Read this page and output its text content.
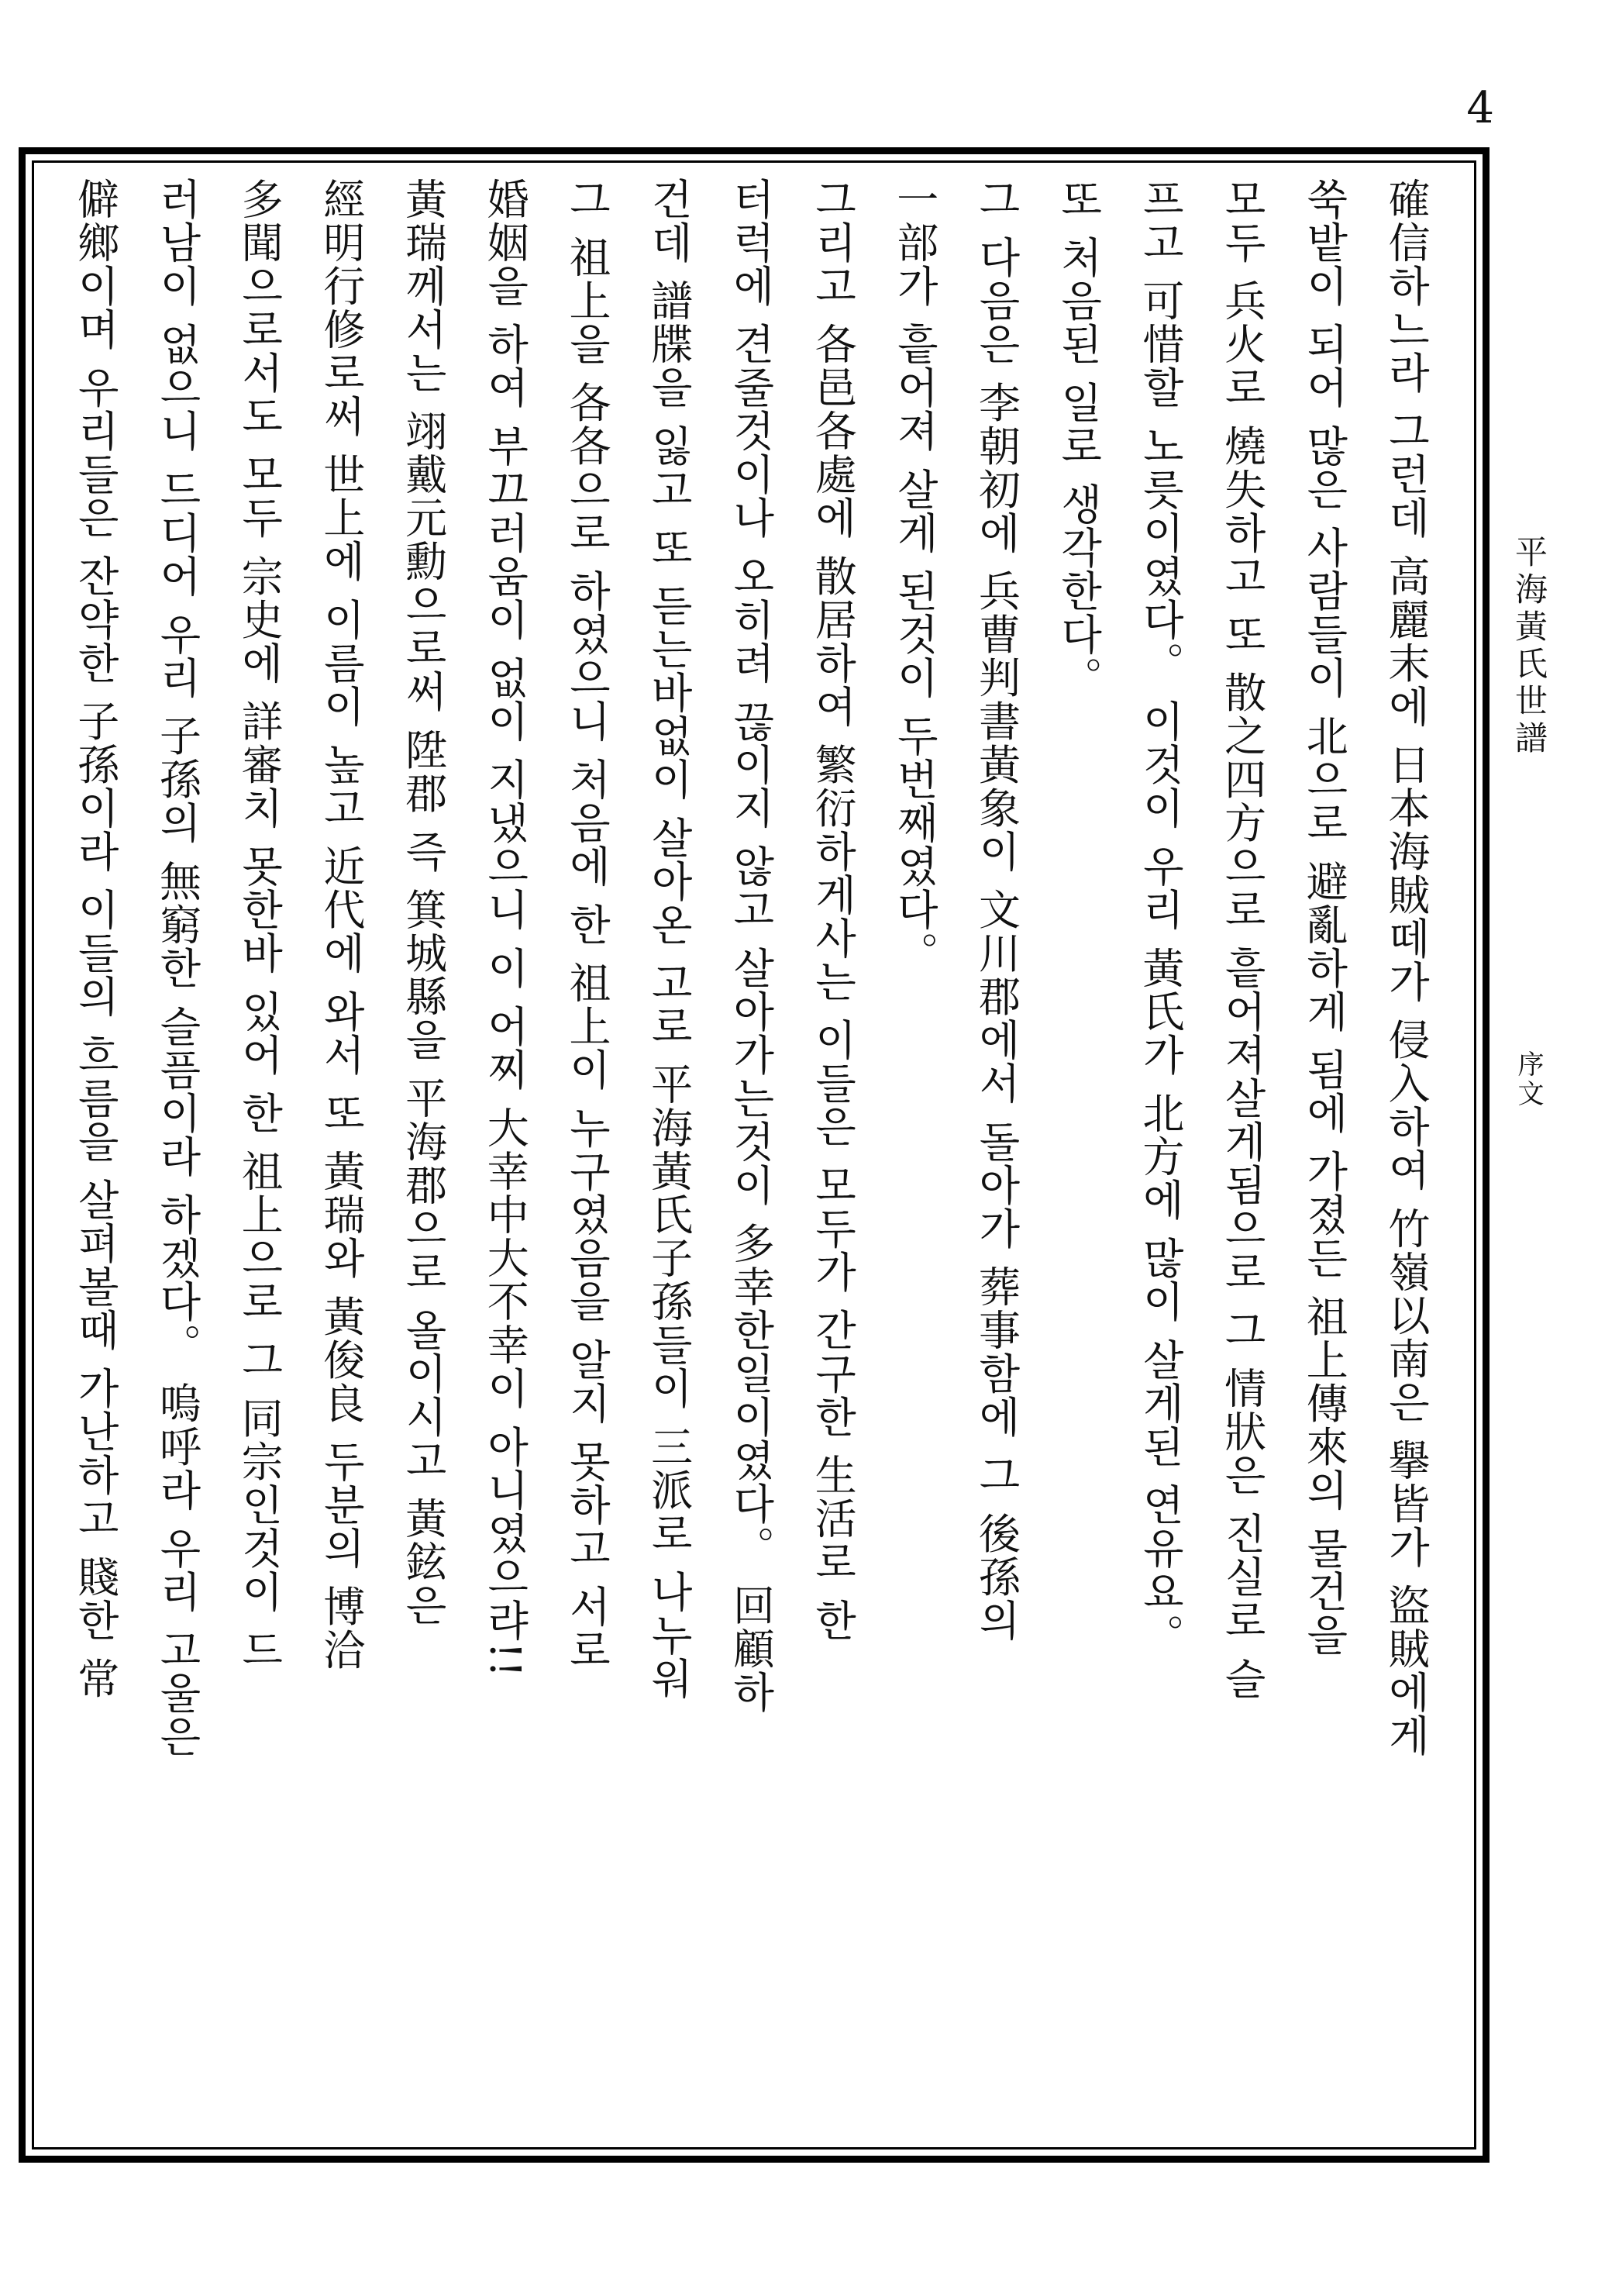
4
平海黃氏世譜
序文
確信하느라 그런데 高麗末에 日本海賊떼가 侵入하여 竹嶺以南은 擧皆가 盜賊에게
쑥밭이 되어 많은 사람들이 北으로 避亂하게 됨에 가졌든 祖上傳來의 물건을
모두 兵火로 燒失하고 또 散之四方으로 흩어져살게됨으로 그 情狀은 진실로 슬
프고 可惜할 노릇이였다。 이것이 우리 黃氏가 北方에 많이 살게된 연유요。
또 처음된 일로 생각한다。
그 다음은 李朝初에 兵曹判書黃象이 文川郡에서 돌아가 葬事함에 그 後孫의
一部가 흩어져 살게 된것이 두번째였다。
그리고 各邑各處에 散居하여 繁衍하게사는 이들은 모두가 간구한 生活로 한
터럭에 견줄것이나 오히려 끊이지 않고 살아가는것이 多幸한일이였다。 回顧하
건데 譜牒을 잃고 또 듣는바없이 살아온 고로 平海黃氏子孫들이 三派로 나누워
그 祖上을 各各으로 하였으니 처음에 한 祖上이 누구였음을 알지 못하고 서로
婚姻을 하여 부끄러움이 없이 지냈으니 이 어찌 大幸中大不幸이 아니였으랴!!
黃瑞께서는 翊戴元勳으로써 陞郡 즉 箕城縣을 平海郡으로 올이시고 黃鉉은
經明行修로써 世上에 이름이 높고 近代에 와서 또 黃瑞와 黃俊良 두분의 博洽
多聞으로서도 모두 宗史에 詳審치 못한바 있어 한 祖上으로 그 同宗인것이 드
러남이 없으니 드디어 우리 子孫의 無窮한 슬픔이라 하겠다。 嗚呼라 우리 고울은
僻鄉이며 우리들은 잔약한 子孫이라 이들의 흐름을 살펴볼때 가난하고 賤한 常
